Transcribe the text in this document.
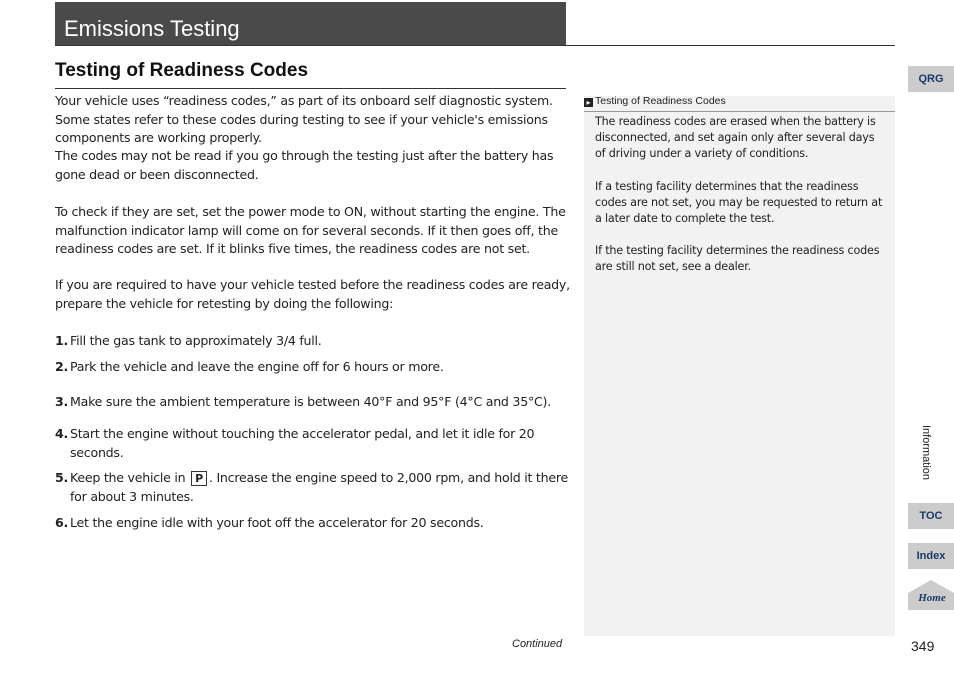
Emissions Testing
Testing of Readiness Codes
Your vehicle uses “readiness codes,” as part of its onboard self diagnostic system. Some states refer to these codes during testing to see if your vehicle's emissions components are working properly.
The codes may not be read if you go through the testing just after the battery has gone dead or been disconnected.
To check if they are set, set the power mode to ON, without starting the engine. The malfunction indicator lamp will come on for several seconds. If it then goes off, the readiness codes are set. If it blinks five times, the readiness codes are not set.
If you are required to have your vehicle tested before the readiness codes are ready, prepare the vehicle for retesting by doing the following:
1. Fill the gas tank to approximately 3/4 full.
2. Park the vehicle and leave the engine off for 6 hours or more.
3. Make sure the ambient temperature is between 40°F and 95°F (4°C and 35°C).
4. Start the engine without touching the accelerator pedal, and let it idle for 20 seconds.
5. Keep the vehicle in P . Increase the engine speed to 2,000 rpm, and hold it there for about 3 minutes.
6. Let the engine idle with your foot off the accelerator for 20 seconds.
▸ Testing of Readiness Codes
The readiness codes are erased when the battery is disconnected, and set again only after several days of driving under a variety of conditions.
If a testing facility determines that the readiness codes are not set, you may be requested to return at a later date to complete the test.
If the testing facility determines the readiness codes are still not set, see a dealer.
Continued	349
QRG
Information
TOC
Index
Home
